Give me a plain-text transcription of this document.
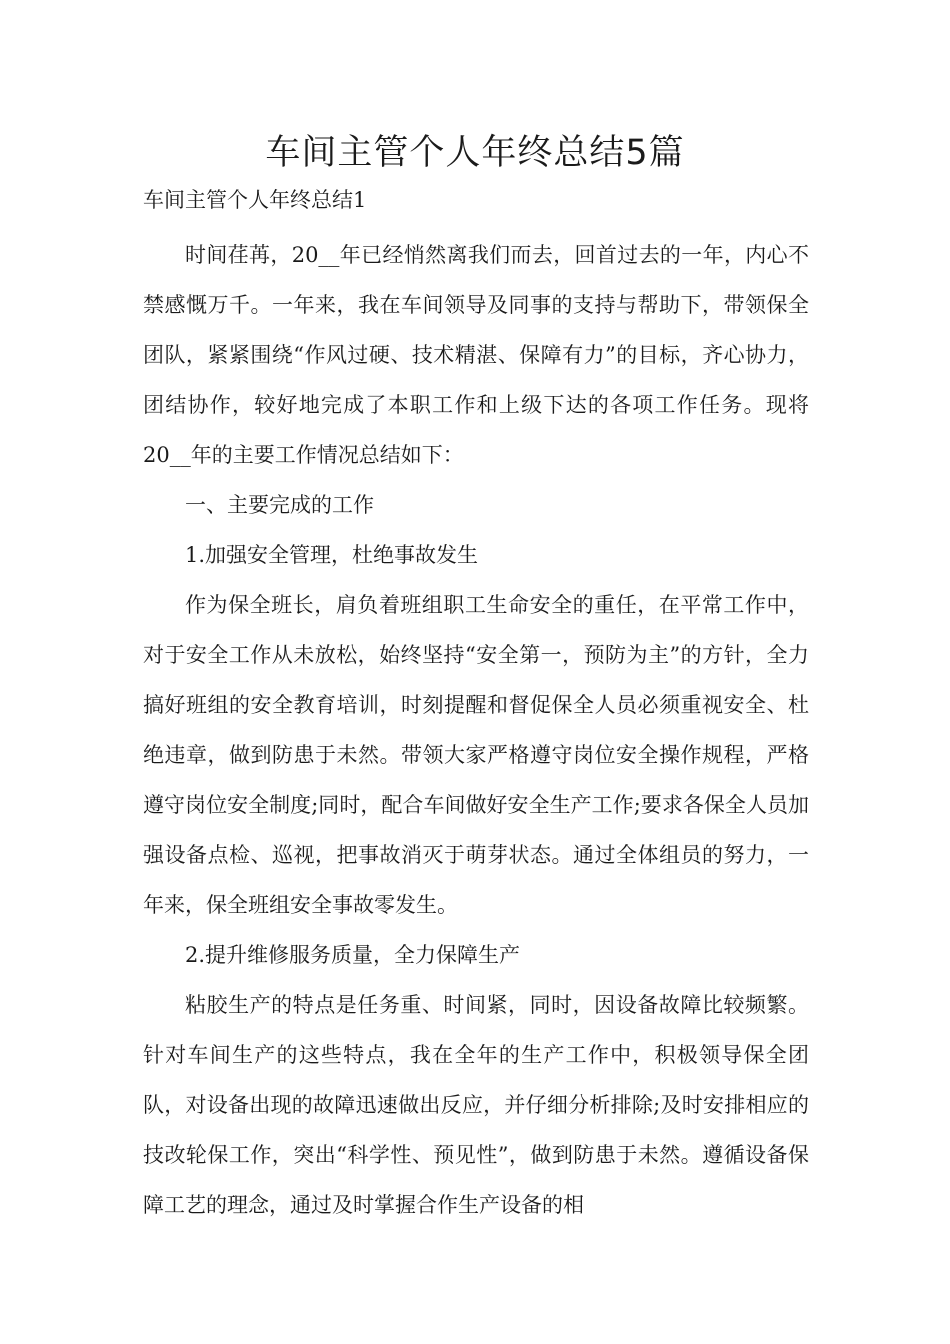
车间主管个人年终总结5篇

车间主管个人年终总结1

时间荏苒，20__年已经悄然离我们而去，回首过去的一年，内心不禁感慨万千。一年来，我在车间领导及同事的支持与帮助下，带领保全团队，紧紧围绕“作风过硬、技术精湛、保障有力”的目标，齐心协力，团结协作，较好地完成了本职工作和上级下达的各项工作任务。现将20__年的主要工作情况总结如下：

一、主要完成的工作

1.加强安全管理，杜绝事故发生

作为保全班长，肩负着班组职工生命安全的重任，在平常工作中，对于安全工作从未放松，始终坚持“安全第一，预防为主”的方针，全力搞好班组的安全教育培训，时刻提醒和督促保全人员必须重视安全、杜绝违章，做到防患于未然。带领大家严格遵守岗位安全操作规程，严格遵守岗位安全制度;同时，配合车间做好安全生产工作;要求各保全人员加强设备点检、巡视，把事故消灭于萌芽状态。通过全体组员的努力，一年来，保全班组安全事故零发生。

2.提升维修服务质量，全力保障生产

粘胶生产的特点是任务重、时间紧，同时，因设备故障比较频繁。针对车间生产的这些特点，我在全年的生产工作中，积极领导保全团队，对设备出现的故障迅速做出反应，并仔细分析排除;及时安排相应的技改轮保工作，突出“科学性、预见性”，做到防患于未然。遵循设备保障工艺的理念，通过及时掌握合作生产设备的相
